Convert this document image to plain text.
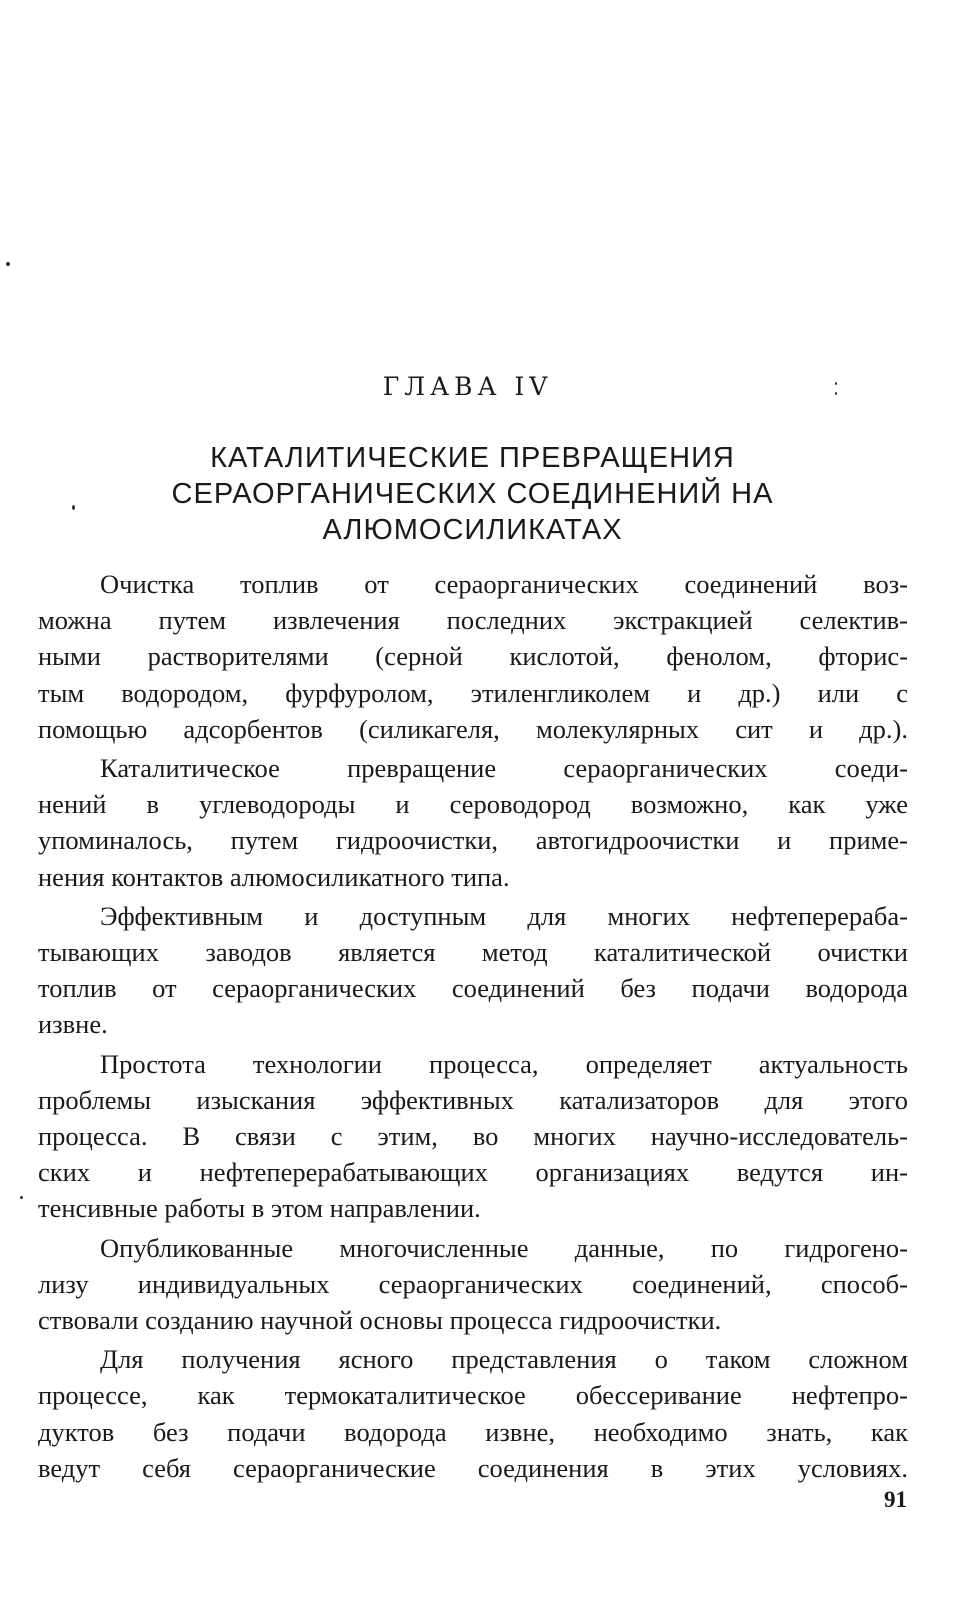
ГЛАВА IV
КАТАЛИТИЧЕСКИЕ ПРЕВРАЩЕНИЯ
СЕРАОРГАНИЧЕСКИХ СОЕДИНЕНИЙ НА
АЛЮМОСИЛИКАТАХ
Очистка топлив от сераорганических соединений воз-
можна путем извлечения последних экстракцией селектив-
ными растворителями (серной кислотой, фенолом, фторис-
тым водородом, фурфуролом, этиленгликолем и др.) или с
помощью адсорбентов (силикагеля, молекулярных сит и др.).
Каталитическое превращение сераорганических соеди-
нений в углеводороды и сероводород возможно, как уже
упоминалось, путем гидроочистки, автогидроочистки и приме-
нения контактов алюмосиликатного типа.
Эффективным и доступным для многих нефтеперераба-
тывающих заводов является метод каталитической очистки
топлив от сераорганических соединений без подачи водорода
извне.
Простота технологии процесса, определяет актуальность
проблемы изыскания эффективных катализаторов для этого
процесса. В связи с этим, во многих научно-исследователь-
ских и нефтеперерабатывающих организациях ведутся ин-
тенсивные работы в этом направлении.
Опубликованные многочисленные данные, по гидрогено-
лизу индивидуальных сераорганических соединений, способ-
ствовали созданию научной основы процесса гидроочистки.
Для получения ясного представления о таком сложном
процессе, как термокаталитическое обессеривание нефтепро-
дуктов без подачи водорода извне, необходимо знать, как
ведут себя сераорганические соединения в этих условиях.
91
